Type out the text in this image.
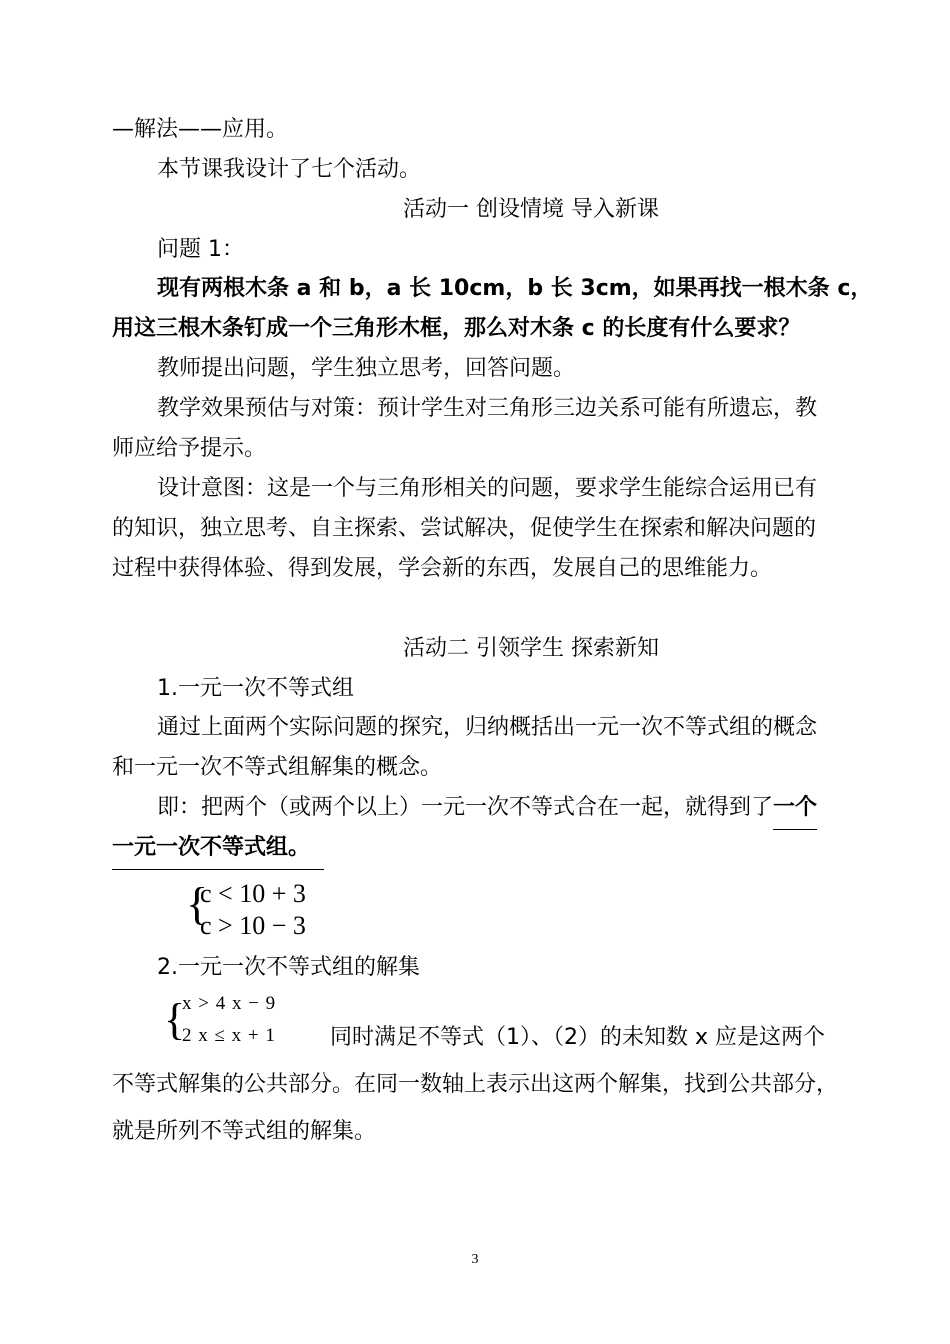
—解法——应用。
本节课我设计了七个活动。
活动一 创设情境 导入新课
问题 1：
现有两根木条 a 和 b，a 长 10cm，b 长 3cm，如果再找一根木条 c，
用这三根木条钉成一个三角形木框，那么对木条 c 的长度有什么要求？
教师提出问题，学生独立思考，回答问题。
教学效果预估与对策：预计学生对三角形三边关系可能有所遗忘，教
师应给予提示。
设计意图：这是一个与三角形相关的问题，要求学生能综合运用已有
的知识，独立思考、自主探索、尝试解决，促使学生在探索和解决问题的
过程中获得体验、得到发展，学会新的东西，发展自己的思维能力。
活动二 引领学生 探索新知
1.一元一次不等式组
通过上面两个实际问题的探究，归纳概括出一元一次不等式组的概念
和一元一次不等式组解集的概念。
即：把两个（或两个以上）一元一次不等式合在一起，就得到了一个
一元一次不等式组。
{
c < 10 + 3
c > 10 − 3
2.一元一次不等式组的解集
{
x > 4 x − 9
2 x ≤ x + 1 同时满足不等式（1）、（2）的未知数 x 应是这两个
不等式解集的公共部分。在同一数轴上表示出这两个解集，找到公共部分，
就是所列不等式组的解集。
3
